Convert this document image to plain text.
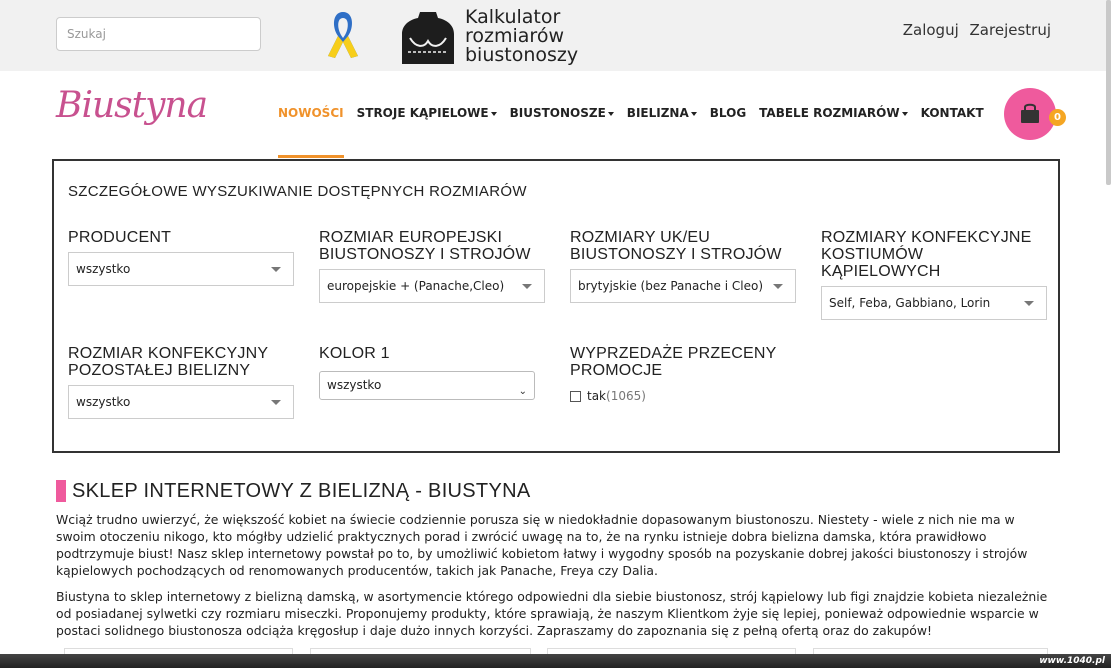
Szukaj
Kalkulator
rozmiarów
biustonoszy
Zaloguj Zarejestruj
Biustyna	NOWOŚCI STROJE KĄPIELOWE	BIUSTONOSZE	BIELIZNA	BLOG TABELE ROZMIARÓW	KONTAKT	0
SZCZEGÓŁOWE WYSZUKIWANIE DOSTĘPNYCH ROZMIARÓW
PRODUCENT
wszystko
ROZMIAR EUROPEJSKI BIUSTONOSZY I STROJÓW
europejskie + (Panache,Cleo)
ROZMIARY UK/EU BIUSTONOSZY I STROJÓW
brytyjskie (bez Panache i Cleo)
ROZMIARY KONFEKCYJNE KOSTIUMÓW KĄPIELOWYCH
Self, Feba, Gabbiano, Lorin
ROZMIAR KONFEKCYJNY POZOSTAŁEJ BIELIZNY
wszystko
KOLOR 1
wszystko	⌄
WYPRZEDAŻE PRZECENY PROMOCJE
tak (1065)
SKLEP INTERNETOWY Z BIELIZNĄ - BIUSTYNA
Wciąż trudno uwierzyć, że większość kobiet na świecie codziennie porusza się w niedokładnie dopasowanym biustonoszu. Niestety - wiele z nich nie ma w swoim otoczeniu nikogo, kto mógłby udzielić praktycznych porad i zwrócić uwagę na to, że na rynku istnieje dobra bielizna damska, która prawidłowo podtrzymuje biust! Nasz sklep internetowy powstał po to, by umożliwić kobietom łatwy i wygodny sposób na pozyskanie dobrej jakości biustonoszy i strojów kąpielowych pochodzących od renomowanych producentów, takich jak Panache, Freya czy Dalia.
Biustyna to sklep internetowy z bielizną damską, w asortymencie którego odpowiedni dla siebie biustonosz, strój kąpielowy lub figi znajdzie kobieta niezależnie od posiadanej sylwetki czy rozmiaru miseczki. Proponujemy produkty, które sprawiają, że naszym Klientkom żyje się lepiej, ponieważ odpowiednie wsparcie w postaci solidnego biustonosza odciąża kręgosłup i daje dużo innych korzyści. Zapraszamy do zapoznania się z pełną ofertą oraz do zakupów!
www.1040.pl
